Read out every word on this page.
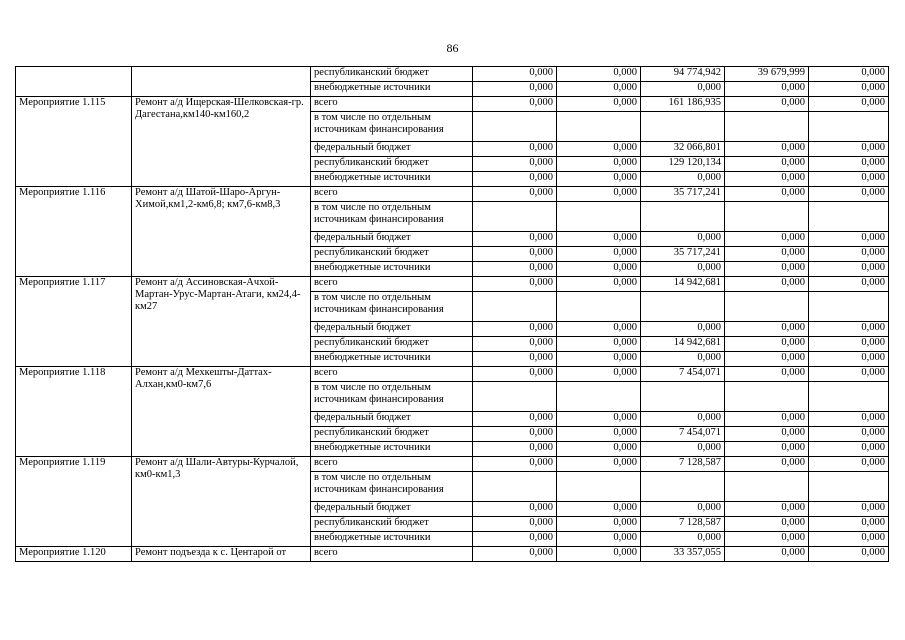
86
		республиканский бюджет	0,000	0,000	94 774,942	39 679,999	0,000
		внебюджетные источники	0,000	0,000	0,000	0,000	0,000
Мероприятие 1.115	Ремонт а/д Ищерская-Шелковская-гр. Дагестана,км140-км160,2	всего	0,000	0,000	161 186,935	0,000	0,000
		в том числе по отдельным источникам финансирования					
		федеральный бюджет	0,000	0,000	32 066,801	0,000	0,000
		республиканский бюджет	0,000	0,000	129 120,134	0,000	0,000
		внебюджетные источники	0,000	0,000	0,000	0,000	0,000
Мероприятие 1.116	Ремонт а/д Шатой-Шаро-Аргун-Химой,км1,2-км6,8; км7,6-км8,3	всего	0,000	0,000	35 717,241	0,000	0,000
		в том числе по отдельным источникам финансирования					
		федеральный бюджет	0,000	0,000	0,000	0,000	0,000
		республиканский бюджет	0,000	0,000	35 717,241	0,000	0,000
		внебюджетные источники	0,000	0,000	0,000	0,000	0,000
Мероприятие 1.117	Ремонт а/д Ассиновская-Ачхой-Мартан-Урус-Мартан-Атаги, км24,4-км27	всего	0,000	0,000	14 942,681	0,000	0,000
		в том числе по отдельным источникам финансирования					
		федеральный бюджет	0,000	0,000	0,000	0,000	0,000
		республиканский бюджет	0,000	0,000	14 942,681	0,000	0,000
		внебюджетные источники	0,000	0,000	0,000	0,000	0,000
Мероприятие 1.118	Ремонт а/д Мехкешты-Даттах-Алхан,км0-км7,6	всего	0,000	0,000	7 454,071	0,000	0,000
		в том числе по отдельным источникам финансирования					
		федеральный бюджет	0,000	0,000	0,000	0,000	0,000
		республиканский бюджет	0,000	0,000	7 454,071	0,000	0,000
		внебюджетные источники	0,000	0,000	0,000	0,000	0,000
Мероприятие 1.119	Ремонт а/д Шали-Автуры-Курчалой, км0-км1,3	всего	0,000	0,000	7 128,587	0,000	0,000
		в том числе по отдельным источникам финансирования					
		федеральный бюджет	0,000	0,000	0,000	0,000	0,000
		республиканский бюджет	0,000	0,000	7 128,587	0,000	0,000
		внебюджетные источники	0,000	0,000	0,000	0,000	0,000
Мероприятие 1.120	Ремонт подъезда к с. Центарой от	всего	0,000	0,000	33 357,055	0,000	0,000
